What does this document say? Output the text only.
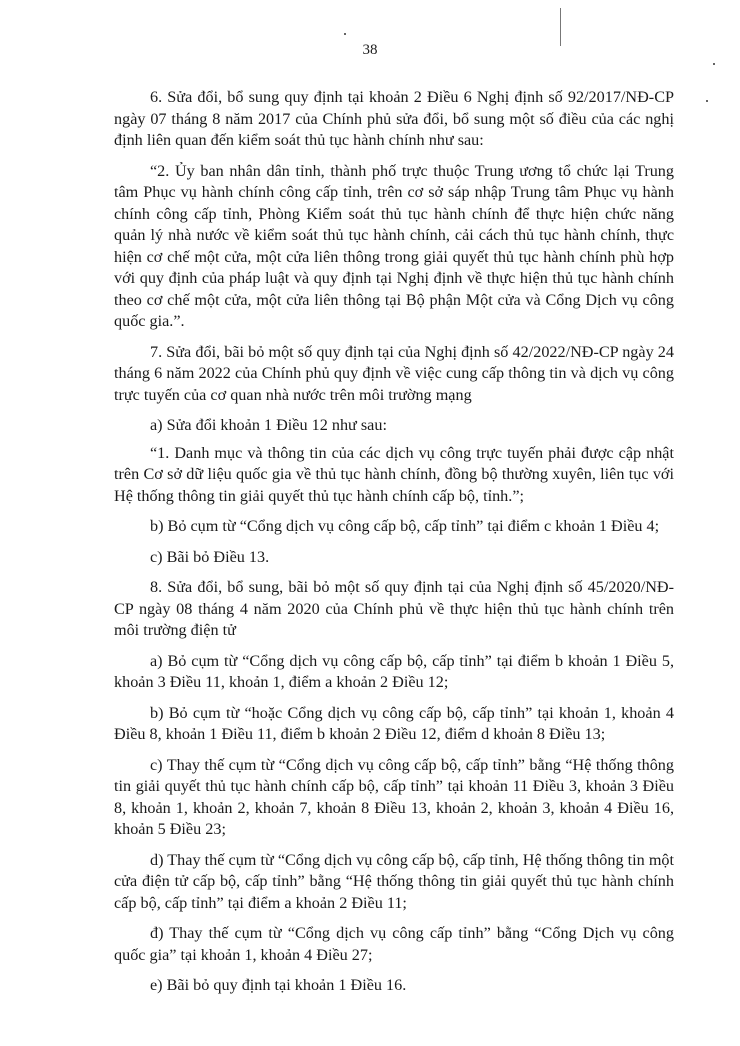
38

6. Sửa đổi, bổ sung quy định tại khoản 2 Điều 6 Nghị định số 92/2017/NĐ-CP ngày 07 tháng 8 năm 2017 của Chính phủ sửa đổi, bổ sung một số điều của các nghị định liên quan đến kiểm soát thủ tục hành chính như sau:

“2. Ủy ban nhân dân tỉnh, thành phố trực thuộc Trung ương tổ chức lại Trung tâm Phục vụ hành chính công cấp tỉnh, trên cơ sở sáp nhập Trung tâm Phục vụ hành chính công cấp tỉnh, Phòng Kiểm soát thủ tục hành chính để thực hiện chức năng quản lý nhà nước về kiểm soát thủ tục hành chính, cải cách thủ tục hành chính, thực hiện cơ chế một cửa, một cửa liên thông trong giải quyết thủ tục hành chính phù hợp với quy định của pháp luật và quy định tại Nghị định về thực hiện thủ tục hành chính theo cơ chế một cửa, một cửa liên thông tại Bộ phận Một cửa và Cổng Dịch vụ công quốc gia.”.

7. Sửa đổi, bãi bỏ một số quy định tại của Nghị định số 42/2022/NĐ-CP ngày 24 tháng 6 năm 2022 của Chính phủ quy định về việc cung cấp thông tin và dịch vụ công trực tuyến của cơ quan nhà nước trên môi trường mạng

a) Sửa đổi khoản 1 Điều 12 như sau:

“1. Danh mục và thông tin của các dịch vụ công trực tuyến phải được cập nhật trên Cơ sở dữ liệu quốc gia về thủ tục hành chính, đồng bộ thường xuyên, liên tục với Hệ thống thông tin giải quyết thủ tục hành chính cấp bộ, tỉnh.”;

b) Bỏ cụm từ “Cổng dịch vụ công cấp bộ, cấp tỉnh” tại điểm c khoản 1 Điều 4;

c) Bãi bỏ Điều 13.

8. Sửa đổi, bổ sung, bãi bỏ một số quy định tại của Nghị định số 45/2020/NĐ-CP ngày 08 tháng 4 năm 2020 của Chính phủ về thực hiện thủ tục hành chính trên môi trường điện tử

a) Bỏ cụm từ “Cổng dịch vụ công cấp bộ, cấp tỉnh” tại điểm b khoản 1 Điều 5, khoản 3 Điều 11, khoản 1, điểm a khoản 2 Điều 12;

b) Bỏ cụm từ “hoặc Cổng dịch vụ công cấp bộ, cấp tỉnh” tại khoản 1, khoản 4 Điều 8, khoản 1 Điều 11, điểm b khoản 2 Điều 12, điểm d khoản 8 Điều 13;

c) Thay thế cụm từ “Cổng dịch vụ công cấp bộ, cấp tỉnh” bằng “Hệ thống thông tin giải quyết thủ tục hành chính cấp bộ, cấp tỉnh” tại khoản 11 Điều 3, khoản 3 Điều 8, khoản 1, khoản 2, khoản 7, khoản 8 Điều 13, khoản 2, khoản 3, khoản 4 Điều 16, khoản 5 Điều 23;

d) Thay thế cụm từ “Cổng dịch vụ công cấp bộ, cấp tỉnh, Hệ thống thông tin một cửa điện tử cấp bộ, cấp tỉnh” bằng “Hệ thống thông tin giải quyết thủ tục hành chính cấp bộ, cấp tỉnh” tại điểm a khoản 2 Điều 11;

đ) Thay thế cụm từ “Cổng dịch vụ công cấp tỉnh” bằng “Cổng Dịch vụ công quốc gia” tại khoản 1, khoản 4 Điều 27;

e) Bãi bỏ quy định tại khoản 1 Điều 16.
